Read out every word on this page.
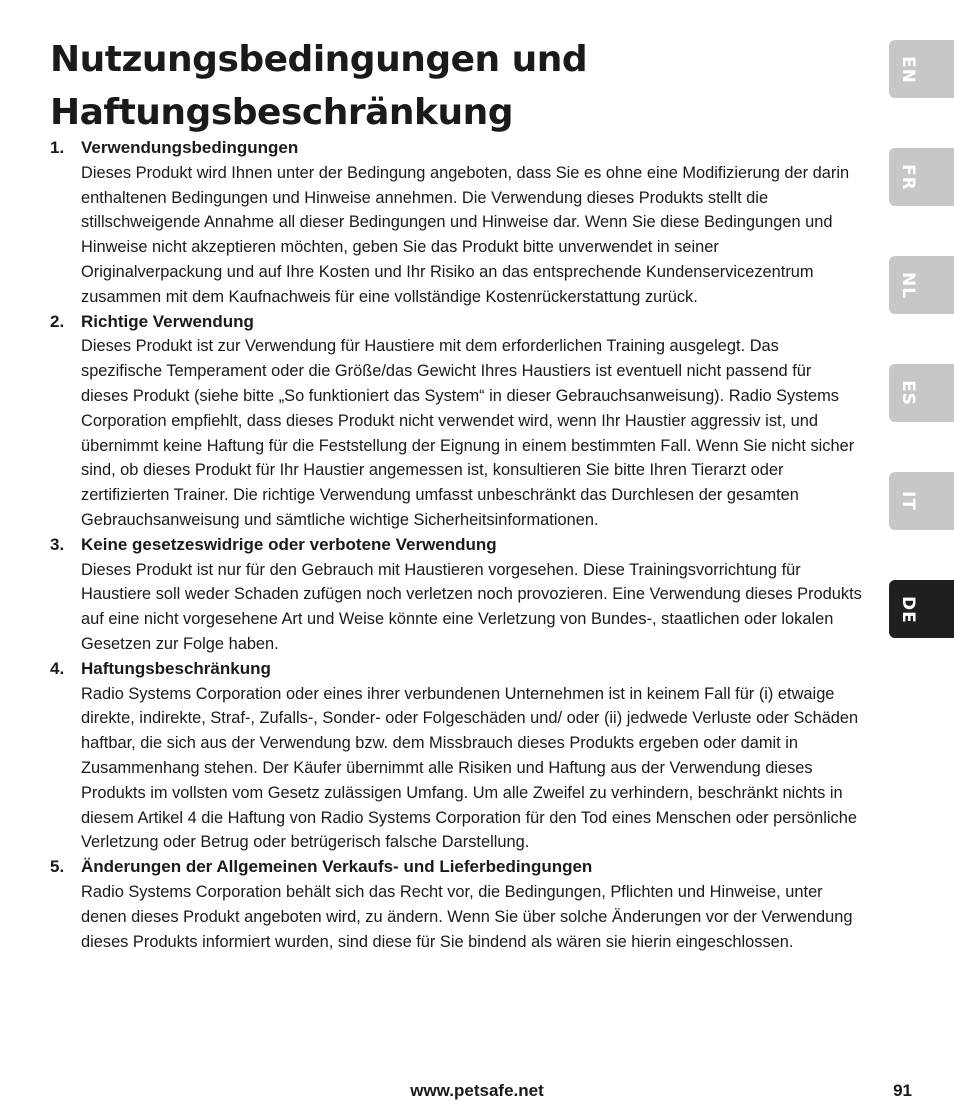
Nutzungsbedingungen und
Haftungsbeschränkung
1. Verwendungsbedingungen

Dieses Produkt wird Ihnen unter der Bedingung angeboten, dass Sie es ohne eine Modifizierung der darin enthaltenen Bedingungen und Hinweise annehmen. Die Verwendung dieses Produkts stellt die stillschweigende Annahme all dieser Bedingungen und Hinweise dar. Wenn Sie diese Bedingungen und Hinweise nicht akzeptieren möchten, geben Sie das Produkt bitte unverwendet in seiner Originalverpackung und auf Ihre Kosten und Ihr Risiko an das entsprechende Kundenservicezentrum zusammen mit dem Kaufnachweis für eine vollständige Kostenrückerstattung zurück.

2. Richtige Verwendung

Dieses Produkt ist zur Verwendung für Haustiere mit dem erforderlichen Training ausgelegt. Das spezifische Temperament oder die Größe/das Gewicht Ihres Haustiers ist eventuell nicht passend für dieses Produkt (siehe bitte „So funktioniert das System“ in dieser Gebrauchsanweisung). Radio Systems Corporation empfiehlt, dass dieses Produkt nicht verwendet wird, wenn Ihr Haustier aggressiv ist, und übernimmt keine Haftung für die Feststellung der Eignung in einem bestimmten Fall. Wenn Sie nicht sicher sind, ob dieses Produkt für Ihr Haustier angemessen ist, konsultieren Sie bitte Ihren Tierarzt oder zertifizierten Trainer. Die richtige Verwendung umfasst unbeschränkt das Durchlesen der gesamten Gebrauchsanweisung und sämtliche wichtige Sicherheitsinformationen.

3. Keine gesetzeswidrige oder verbotene Verwendung

Dieses Produkt ist nur für den Gebrauch mit Haustieren vorgesehen. Diese Trainingsvorrichtung für Haustiere soll weder Schaden zufügen noch verletzen noch provozieren. Eine Verwendung dieses Produkts auf eine nicht vorgesehene Art und Weise könnte eine Verletzung von Bundes-, staatlichen oder lokalen Gesetzen zur Folge haben.

4. Haftungsbeschränkung

Radio Systems Corporation oder eines ihrer verbundenen Unternehmen ist in keinem Fall für (i) etwaige direkte, indirekte, Straf-, Zufalls-, Sonder- oder Folgeschäden und/ oder (ii) jedwede Verluste oder Schäden haftbar, die sich aus der Verwendung bzw. dem Missbrauch dieses Produkts ergeben oder damit in Zusammenhang stehen. Der Käufer übernimmt alle Risiken und Haftung aus der Verwendung dieses Produkts im vollsten vom Gesetz zulässigen Umfang. Um alle Zweifel zu verhindern, beschränkt nichts in diesem Artikel 4 die Haftung von Radio Systems Corporation für den Tod eines Menschen oder persönliche Verletzung oder Betrug oder betrügerisch falsche Darstellung.

5. Änderungen der Allgemeinen Verkaufs- und Lieferbedingungen

Radio Systems Corporation behält sich das Recht vor, die Bedingungen, Pflichten und Hinweise, unter denen dieses Produkt angeboten wird, zu ändern. Wenn Sie über solche Änderungen vor der Verwendung dieses Produkts informiert wurden, sind diese für Sie bindend als wären sie hierin eingeschlossen.

EN
FR
NL
ES
IT
DE
www.petsafe.net	91
